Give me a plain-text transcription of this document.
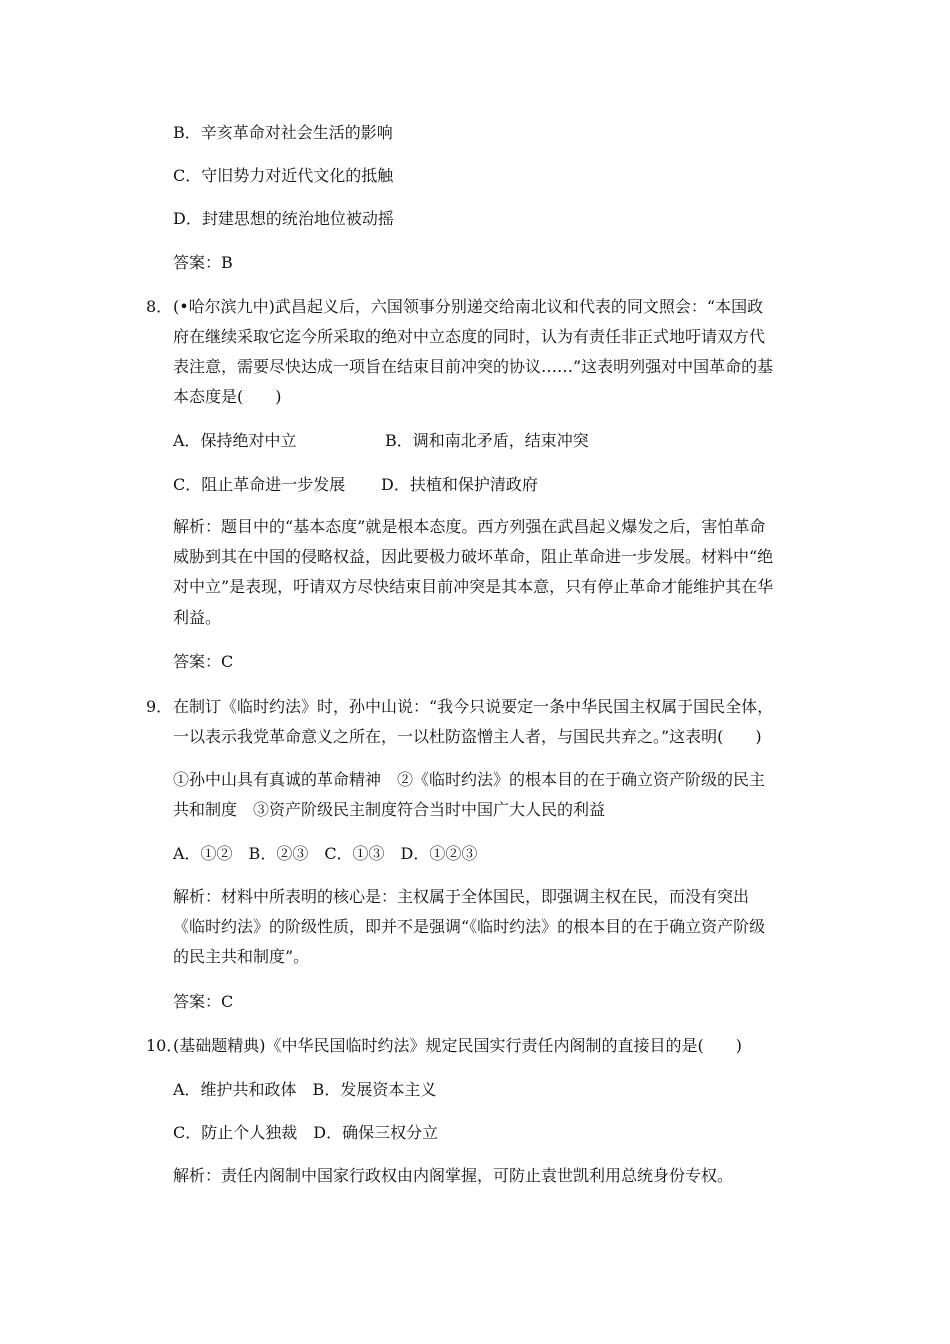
B．辛亥革命对社会生活的影响
C．守旧势力对近代文化的抵触
D．封建思想的统治地位被动摇
答案：B
8． (•哈尔滨九中)武昌起义后，六国领事分别递交给南北议和代表的同文照会：“本国政
府在继续采取它迄今所采取的绝对中立态度的同时，认为有责任非正式地吁请双方代
表注意，需要尽快达成一项旨在结束目前冲突的协议……”这表明列强对中国革命的基
本态度是(　　)
A．保持绝对中立	B．调和南北矛盾，结束冲突
C．阻止革命进一步发展 D．扶植和保护清政府
解析：题目中的“基本态度”就是根本态度。西方列强在武昌起义爆发之后，害怕革命
威胁到其在中国的侵略权益，因此要极力破坏革命，阻止革命进一步发展。材料中“绝
对中立”是表现，吁请双方尽快结束目前冲突是其本意，只有停止革命才能维护其在华
利益。
答案：C
9． 在制订《临时约法》时，孙中山说：“我今只说要定一条中华民国主权属于国民全体，
一以表示我党革命意义之所在，一以杜防盗憎主人者，与国民共弃之。”这表明(　　)
①孙中山具有真诚的革命精神　②《临时约法》的根本目的在于确立资产阶级的民主
共和制度　③资产阶级民主制度符合当时中国广大人民的利益
A．①②　B．②③　C．①③　D．①②③
解析：材料中所表明的核心是：主权属于全体国民，即强调主权在民，而没有突出
《临时约法》的阶级性质，即并不是强调“《临时约法》的根本目的在于确立资产阶级
的民主共和制度”。
答案：C
10．
(基础题精典)《中华民国临时约法》规定民国实行责任内阁制的直接目的是(　　)
A．维护共和政体　B．发展资本主义
C．防止个人独裁　D．确保三权分立
解析：责任内阁制中国家行政权由内阁掌握，可防止袁世凯利用总统身份专权。
